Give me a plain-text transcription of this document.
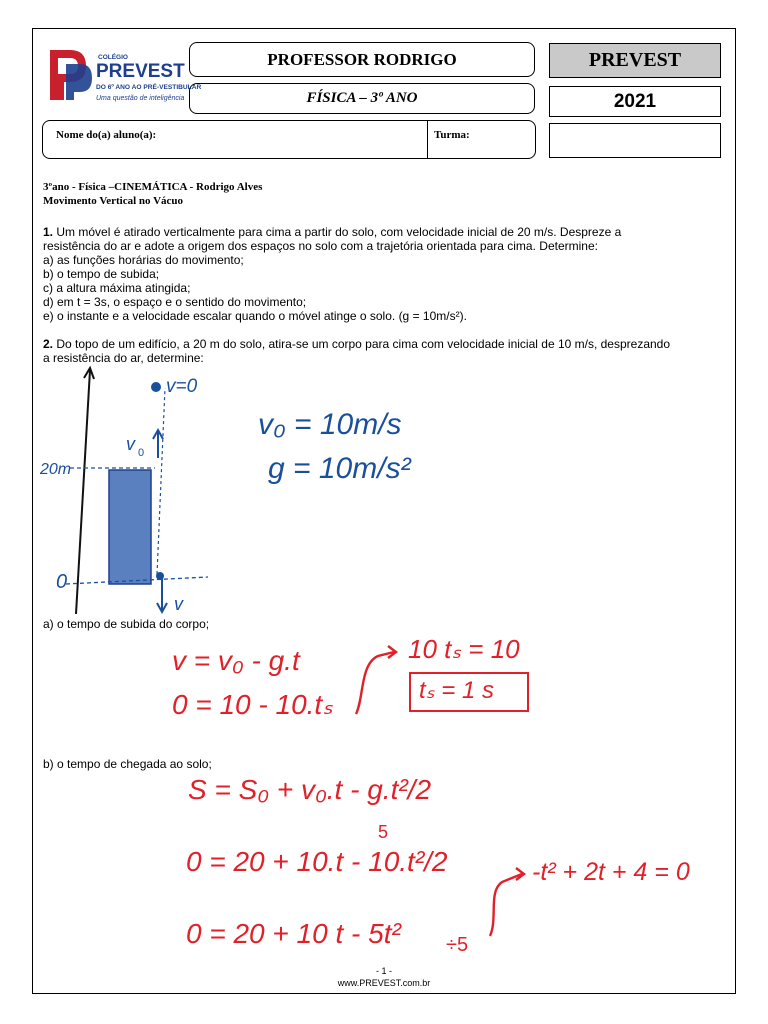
COLÉGIO
PREVEST
DO 6º ANO AO PRÉ-VESTIBULAR
Uma questão de inteligência
PROFESSOR RODRIGO
FÍSICA – 3º ANO
PREVEST
2021
Nome do(a) aluno(a):	Turma:
3ºano - Física –CINEMÁTICA - Rodrigo Alves
Movimento Vertical no Vácuo
1. Um móvel é atirado verticalmente para cima a partir do solo, com velocidade inicial de 20 m/s. Despreze a
resistência do ar e adote a origem dos espaços no solo com a trajetória orientada para cima. Determine:
a) as funções horárias do movimento;
b) o tempo de subida;
c) a altura máxima atingida;
d) em t = 3s, o espaço e o sentido do movimento;
e) o instante e a velocidade escalar quando o móvel atinge o solo. (g = 10m/s²).
2. Do topo de um edifício, a 20 m do solo, atira-se um corpo para cima com velocidade inicial de 10 m/s, desprezando
a resistência do ar, determine:
v=0
v 0
20m
0
v
v₀ = 10m/s
g = 10m/s²
a) o tempo de subida do corpo;
v = v₀ - g.t
0 = 10 - 10.tₛ
10 tₛ = 10
tₛ = 1 s
b) o tempo de chegada ao solo;
S = S₀ + v₀.t - g.t²/2
5
0 = 20 + 10.t - 10.t²/2
0 = 20 + 10 t - 5t² ÷5
-t² + 2t + 4 = 0
- 1 -
www.PREVEST.com.br
